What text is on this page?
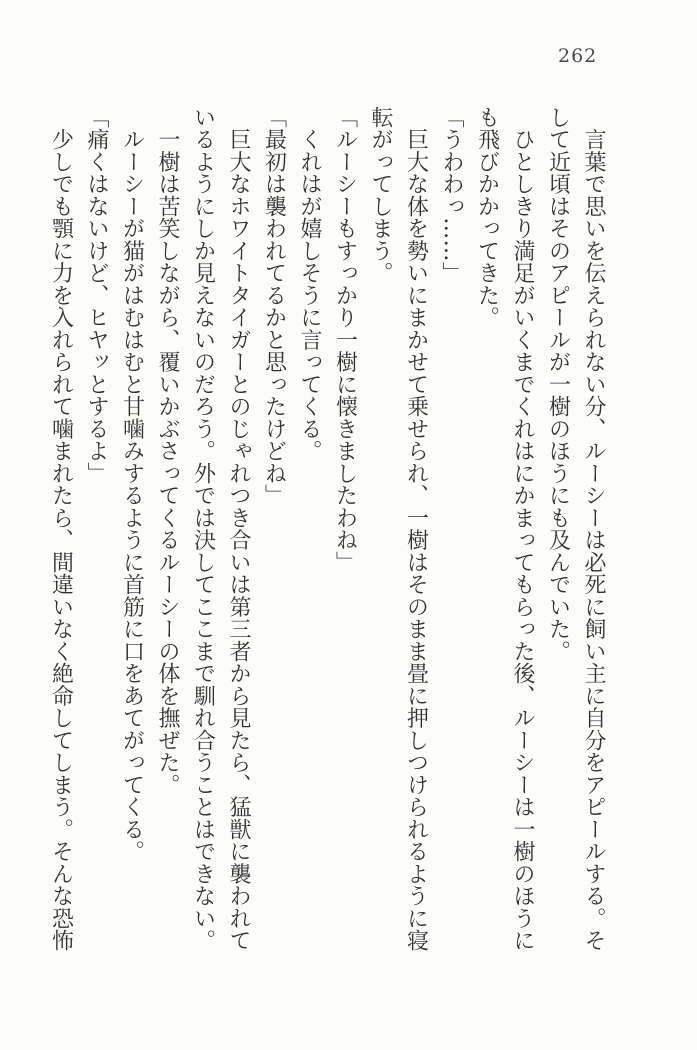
262
　言葉で思いを伝えられない分、ルーシーは必死に飼い主に自分をアピールする。そ
して近頃はそのアピールが一樹のほうにも及んでいた。
　ひとしきり満足がいくまでくれはにかまってもらった後、ルーシーは一樹のほうに
も飛びかかってきた。
「うわわっ……」
　巨大な体を勢いにまかせて乗せられ、一樹はそのまま畳に押しつけられるように寝
転がってしまう。
「ルーシーもすっかり一樹に懐きましたわね」
　くれはが嬉しそうに言ってくる。
「最初は襲われてるかと思ったけどね」
　巨大なホワイトタイガーとのじゃれつき合いは第三者から見たら、猛獣に襲われて
いるようにしか見えないのだろう。外では決してここまで馴れ合うことはできない。
　一樹は苦笑しながら、覆いかぶさってくるルーシーの体を撫ぜた。
　ルーシーが猫がはむはむと甘噛みするように首筋に口をあてがってくる。
「痛くはないけど、ヒヤッとするよ」
　少しでも顎に力を入れられて噛まれたら、間違いなく絶命してしまう。そんな恐怖
